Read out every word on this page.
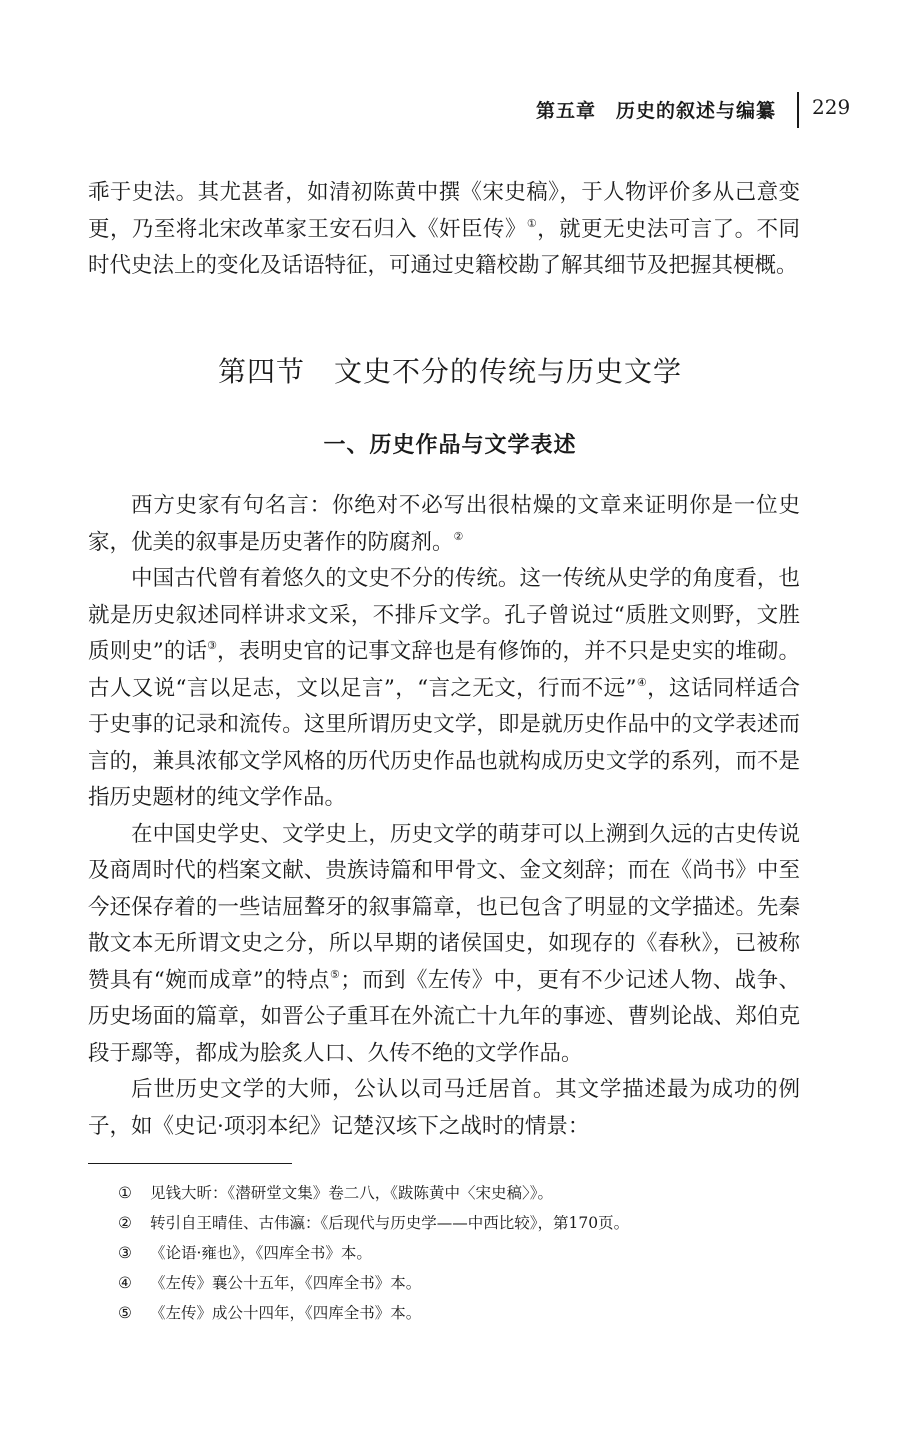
第五章　历史的叙述与编纂 229

乖于史法。其尤甚者，如清初陈黄中撰《宋史稿》，于人物评价多从己意变更，乃至将北宋改革家王安石归入《奸臣传》①，就更无史法可言了。不同时代史法上的变化及话语特征，可通过史籍校勘了解其细节及把握其梗概。

第四节　文史不分的传统与历史文学
一、历史作品与文学表述

西方史家有句名言：你绝对不必写出很枯燥的文章来证明你是一位史家，优美的叙事是历史著作的防腐剂。②

中国古代曾有着悠久的文史不分的传统。这一传统从史学的角度看，也就是历史叙述同样讲求文采，不排斥文学。孔子曾说过“质胜文则野，文胜质则史”的话③，表明史官的记事文辞也是有修饰的，并不只是史实的堆砌。古人又说“言以足志，文以足言”，“言之无文，行而不远”④，这话同样适合于史事的记录和流传。这里所谓历史文学，即是就历史作品中的文学表述而言的，兼具浓郁文学风格的历代历史作品也就构成历史文学的系列，而不是指历史题材的纯文学作品。

在中国史学史、文学史上，历史文学的萌芽可以上溯到久远的古史传说及商周时代的档案文献、贵族诗篇和甲骨文、金文刻辞；而在《尚书》中至今还保存着的一些诘屈聱牙的叙事篇章，也已包含了明显的文学描述。先秦散文本无所谓文史之分，所以早期的诸侯国史，如现存的《春秋》，已被称赞具有“婉而成章”的特点⑤；而到《左传》中，更有不少记述人物、战争、历史场面的篇章，如晋公子重耳在外流亡十九年的事迹、曹刿论战、郑伯克段于鄢等，都成为脍炙人口、久传不绝的文学作品。

后世历史文学的大师，公认以司马迁居首。其文学描述最为成功的例子，如《史记·项羽本纪》记楚汉垓下之战时的情景：

①	见钱大昕：《潜研堂文集》卷二八，《跋陈黄中〈宋史稿〉》。
②	转引自王晴佳、古伟瀛：《后现代与历史学——中西比较》，第170页。
③	《论语·雍也》，《四库全书》本。
④	《左传》襄公十五年，《四库全书》本。
⑤	《左传》成公十四年，《四库全书》本。
